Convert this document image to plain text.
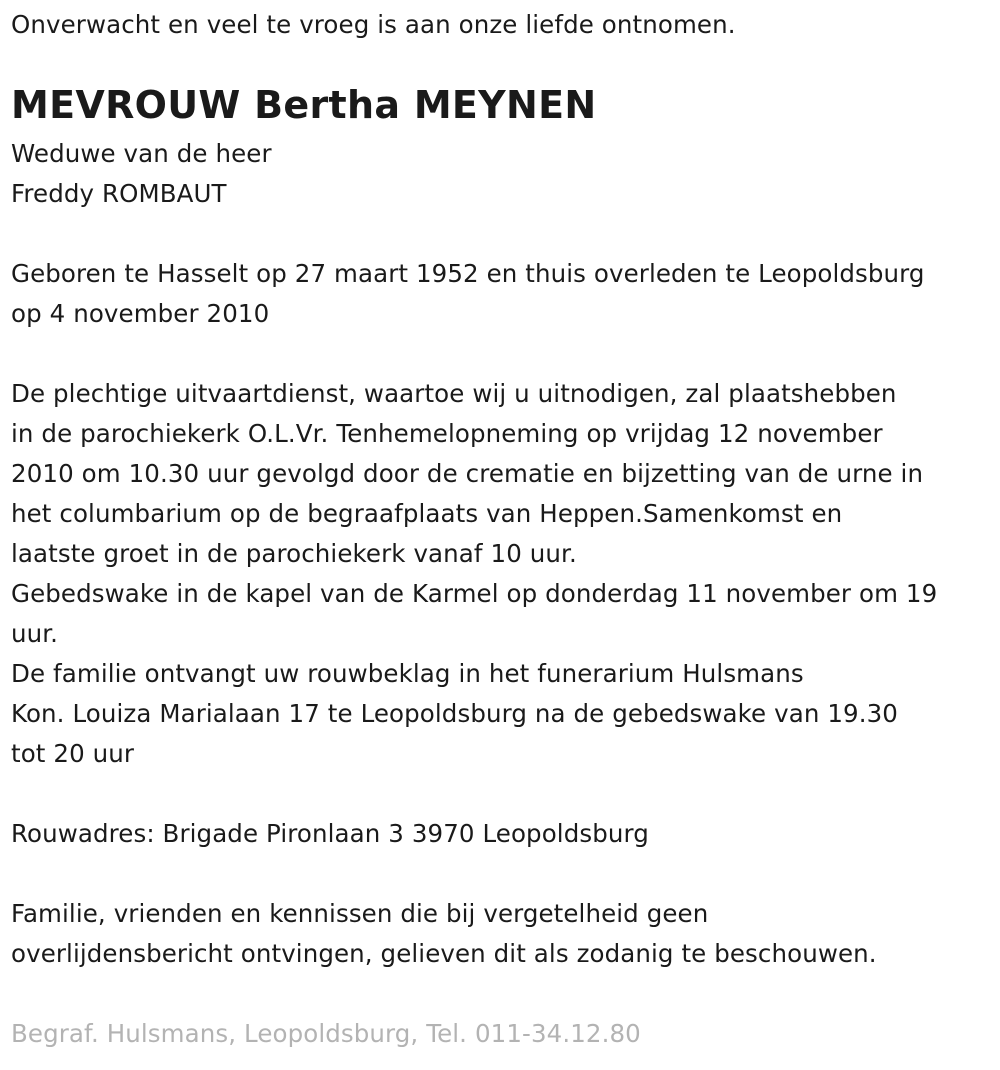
Onverwacht en veel te vroeg is aan onze liefde ontnomen.
MEVROUW Bertha MEYNEN
Weduwe van de heer
Freddy ROMBAUT
Geboren te Hasselt op 27 maart 1952 en thuis overleden te Leopoldsburg
op 4 november 2010
De plechtige uitvaartdienst, waartoe wij u uitnodigen, zal plaatshebben
in de parochiekerk O.L.Vr. Tenhemelopneming op vrijdag 12 november
2010 om 10.30 uur gevolgd door de crematie en bijzetting van de urne in
het columbarium op de begraafplaats van Heppen.Samenkomst en
laatste groet in de parochiekerk vanaf 10 uur.
Gebedswake in de kapel van de Karmel op donderdag 11 november om 19
uur.
De familie ontvangt uw rouwbeklag in het funerarium Hulsmans
Kon. Louiza Marialaan 17 te Leopoldsburg na de gebedswake van 19.30
tot 20 uur
Rouwadres: Brigade Pironlaan 3 3970 Leopoldsburg
Familie, vrienden en kennissen die bij vergetelheid geen
overlijdensbericht ontvingen, gelieven dit als zodanig te beschouwen.
Begraf. Hulsmans, Leopoldsburg, Tel. 011-34.12.80
